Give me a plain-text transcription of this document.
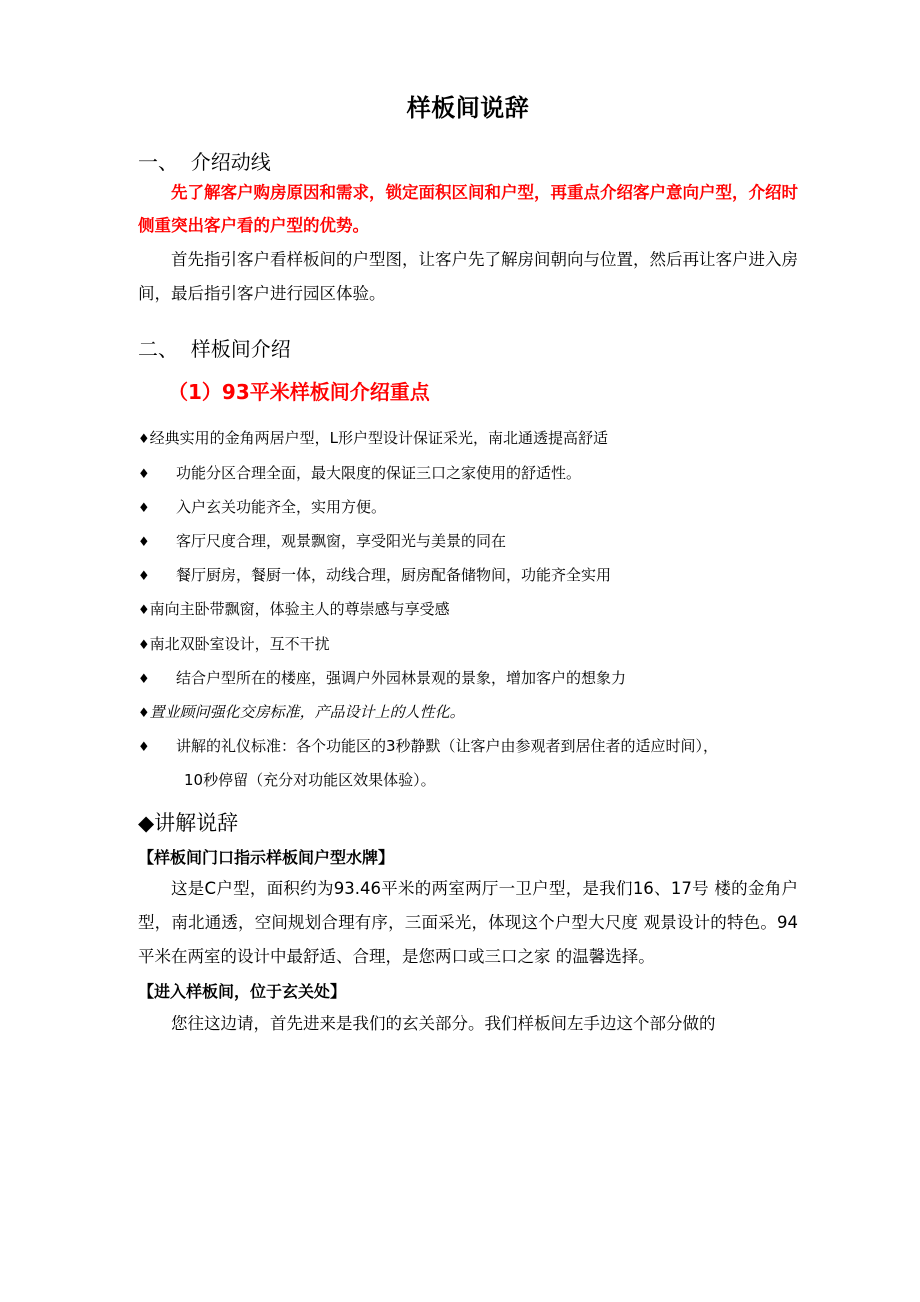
样板间说辞
一、  介绍动线

先了解客户购房原因和需求，锁定面积区间和户型，再重点介绍客户意向户型，介绍时侧重突出客户看的户型的优势。

首先指引客户看样板间的户型图，让客户先了解房间朝向与位置，然后再让客户进入房间，最后指引客户进行园区体验。

二、  样板间介绍
（1）93平米样板间介绍重点
♦经典实用的金角两居户型，L形户型设计保证采光，南北通透提高舒适
♦ 功能分区合理全面，最大限度的保证三口之家使用的舒适性。
♦ 入户玄关功能齐全，实用方便。
♦ 客厅尺度合理，观景飘窗，享受阳光与美景的同在
♦ 餐厅厨房，餐厨一体，动线合理，厨房配备储物间，功能齐全实用
♦南向主卧带飘窗，体验主人的尊崇感与享受感
♦南北双卧室设计，互不干扰
♦ 结合户型所在的楼座，强调户外园林景观的景象，增加客户的想象力
♦置业顾问强化交房标准，产品设计上的人性化。
♦ 讲解的礼仪标准：各个功能区的3秒静默（让客户由参观者到居住者的适应时间），
10秒停留（充分对功能区效果体验）。
◆讲解说辞
【样板间门口指示样板间户型水牌】
这是C户型，面积约为93.46平米的两室两厅一卫户型，是我们16、17号 楼的金角户型，南北通透，空间规划合理有序，三面采光，体现这个户型大尺度 观景设计的特色。94平米在两室的设计中最舒适、合理，是您两口或三口之家 的温馨选择。
【进入样板间，位于玄关处】
您往这边请，首先进来是我们的玄关部分。我们样板间左手边这个部分做的
